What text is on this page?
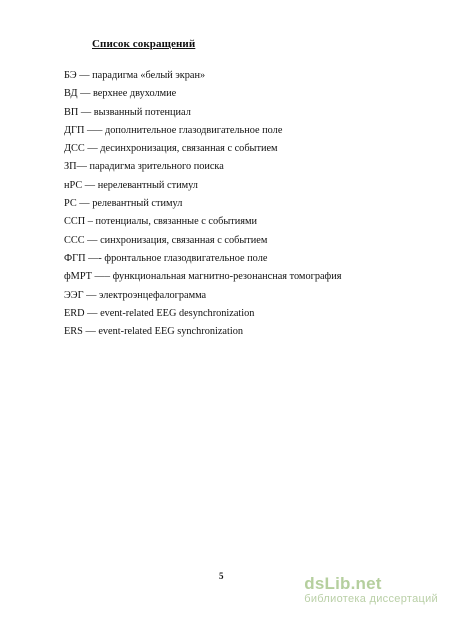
Список сокращений
БЭ — парадигма «белый экран»
ВД — верхнее двухолмие
ВП — вызванный потенциал
ДГП —– дополнительное глазодвигательное поле
ДСС — десинхронизация, связанная с событием
ЗП— парадигма зрительного поиска
нРС — нерелевантный стимул
РС — релевантный стимул
ССП – потенциалы, связанные с событиями
ССС — синхронизация, связанная с событием
ФГП —- фронтальное глазодвигательное поле
фМРТ —– функциональная магнитно-резонансная томография
ЭЭГ — электроэнцефалограмма
ERD — event-related EEG desynchronization
ERS — event-related EEG synchronization
5	dsLib.net
библиотека диссертаций
